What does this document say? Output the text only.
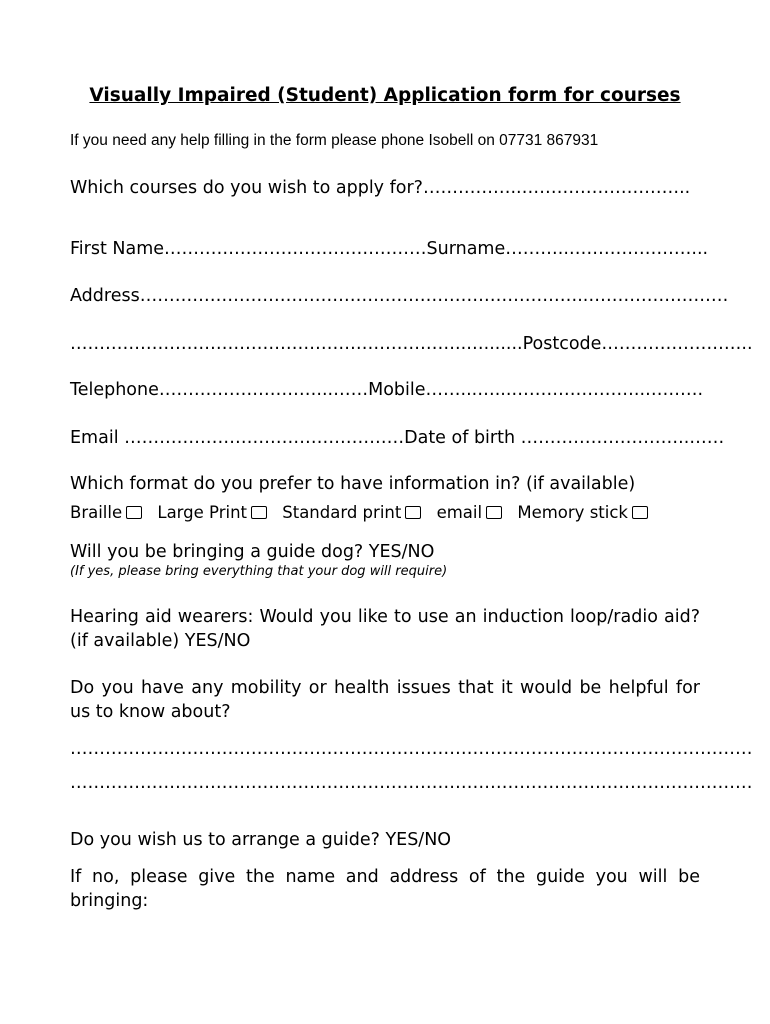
Visually Impaired (Student) Application form for courses
If you need any help filling in the form please phone Isobell on 07731 867931
Which courses do you wish to apply for?……………..………………………..
First Name………………………………………Surname………..…………………...
Address…………………………………………………………………..……………………
…………………………………………………………..….......Postcode……………………..
Telephone………………………...……Mobile……...…...…………………..……….
Email …………………………………………Date of birth ………………………..……
Which format do you prefer to have information in? (if available)
Braille Large Print Standard print email Memory stick
Will you be bringing a guide dog? YES/NO
(If yes, please bring everything that your dog will require)
Hearing aid wearers: Would you like to use an induction loop/radio aid? (if available) YES/NO
Do you have any mobility or health issues that it would be helpful for us to know about?
………………………………………………………………………………………………………
………………………………………………………………………………………………………
Do you wish us to arrange a guide? YES/NO
If no, please give the name and address of the guide you will be bringing:
